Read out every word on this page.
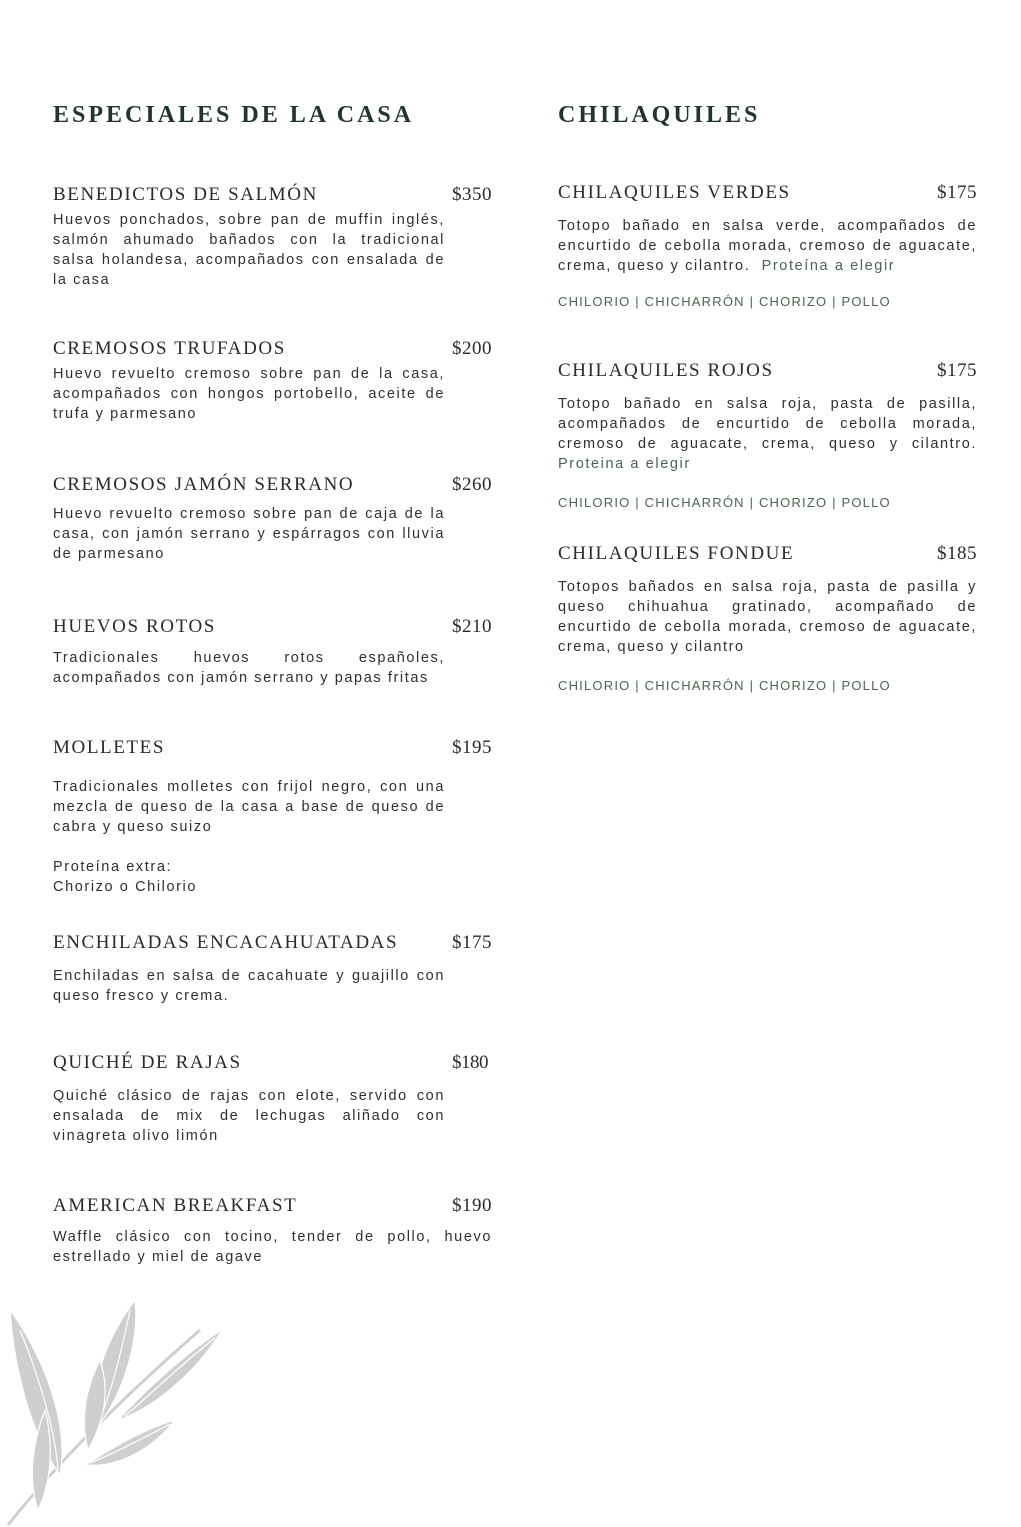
ESPECIALES DE LA CASA	CHILAQUILES
BENEDICTOS DE SALMÓN	$350

Huevos ponchados, sobre pan de muffin inglés, salmón ahumado bañados con la tradicional salsa holandesa, acompañados con ensalada de la casa

CREMOSOS TRUFADOS	$200

Huevo revuelto cremoso sobre pan de la casa, acompañados con hongos portobello, aceite de trufa y parmesano

CREMOSOS JAMÓN SERRANO	$260

Huevo revuelto cremoso sobre pan de caja de la casa, con jamón serrano y espárragos con lluvia de parmesano

HUEVOS ROTOS	$210

Tradicionales huevos rotos españoles, acompañados con jamón serrano y papas fritas

MOLLETES	$195

Tradicionales molletes con frijol negro, con una mezcla de queso de la casa a base de queso de cabra y queso suizo

Proteína extra:

Chorizo o Chilorio

ENCHILADAS ENCACAHUATADAS	$175

Enchiladas en salsa de cacahuate y guajillo con queso fresco y crema.

QUICHÉ DE RAJAS	$180

Quiché clásico de rajas con elote, servido con ensalada de mix de lechugas aliñado con vinagreta olivo limón

AMERICAN BREAKFAST	$190

Waffle clásico con tocino, tender de pollo, huevo estrellado y miel de agave

CHILAQUILES VERDES	$175

Totopo bañado en salsa verde, acompañados de encurtido de cebolla morada, cremoso de aguacate, crema, queso y cilantro. Proteína a elegir

CHILORIO | CHICHARRÓN | CHORIZO | POLLO

CHILAQUILES ROJOS	$175

Totopo bañado en salsa roja, pasta de pasilla, acompañados de encurtido de cebolla morada, cremoso de aguacate, crema, queso y cilantro. Proteina a elegir

CHILORIO | CHICHARRÓN | CHORIZO | POLLO

CHILAQUILES FONDUE	$185

Totopos bañados en salsa roja, pasta de pasilla y queso chihuahua gratinado, acompañado de encurtido de cebolla morada, cremoso de aguacate, crema, queso y cilantro

CHILORIO | CHICHARRÓN | CHORIZO | POLLO
